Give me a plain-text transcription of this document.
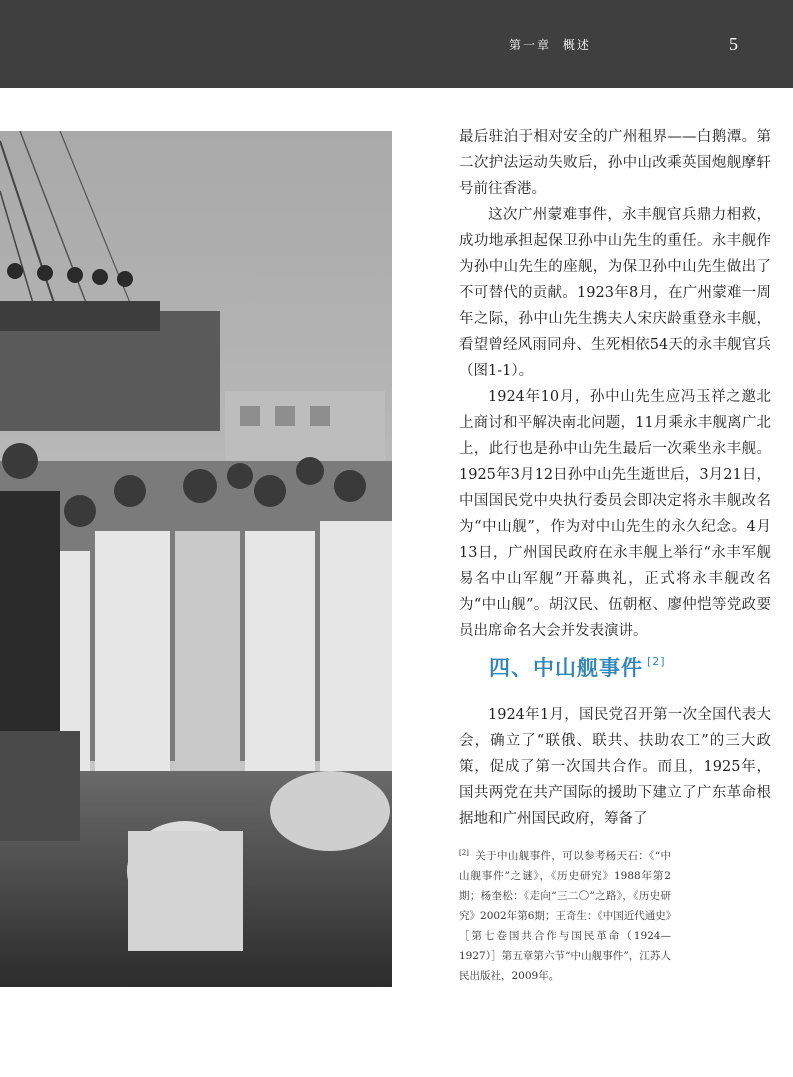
第一章 概述	5

最后驻泊于相对安全的广州租界——白鹅潭。第二次护法运动失败后，孙中山改乘英国炮舰摩轩号前往香港。

这次广州蒙难事件，永丰舰官兵鼎力相救，成功地承担起保卫孙中山先生的重任。永丰舰作为孙中山先生的座舰，为保卫孙中山先生做出了不可替代的贡献。1923年8月，在广州蒙难一周年之际，孙中山先生携夫人宋庆龄重登永丰舰，看望曾经风雨同舟、生死相依54天的永丰舰官兵（图1-1）。

1924年10月，孙中山先生应冯玉祥之邀北上商讨和平解决南北问题，11月乘永丰舰离广北上，此行也是孙中山先生最后一次乘坐永丰舰。1925年3月12日孙中山先生逝世后，3月21日，中国国民党中央执行委员会即决定将永丰舰改名为“中山舰”，作为对中山先生的永久纪念。4月13日，广州国民政府在永丰舰上举行“永丰军舰易名中山军舰”开幕典礼，正式将永丰舰改名为“中山舰”。胡汉民、伍朝枢、廖仲恺等党政要员出席命名大会并发表演讲。

四、中山舰事件 [2]

1924年1月，国民党召开第一次全国代表大会，确立了“联俄、联共、扶助农工”的三大政策，促成了第一次国共合作。而且，1925年，国共两党在共产国际的援助下建立了广东革命根据地和广州国民政府，筹备了

[2] 关于中山舰事件，可以参考杨天石：《“中山舰事件”之谜》，《历史研究》1988年第2期；杨奎松：《走向“三二〇”之路》，《历史研究》2002年第6期；王奇生：《中国近代通史》［第七卷国共合作与国民革命（1924—1927）］第五章第六节“中山舰事件”，江苏人民出版社，2009年。
